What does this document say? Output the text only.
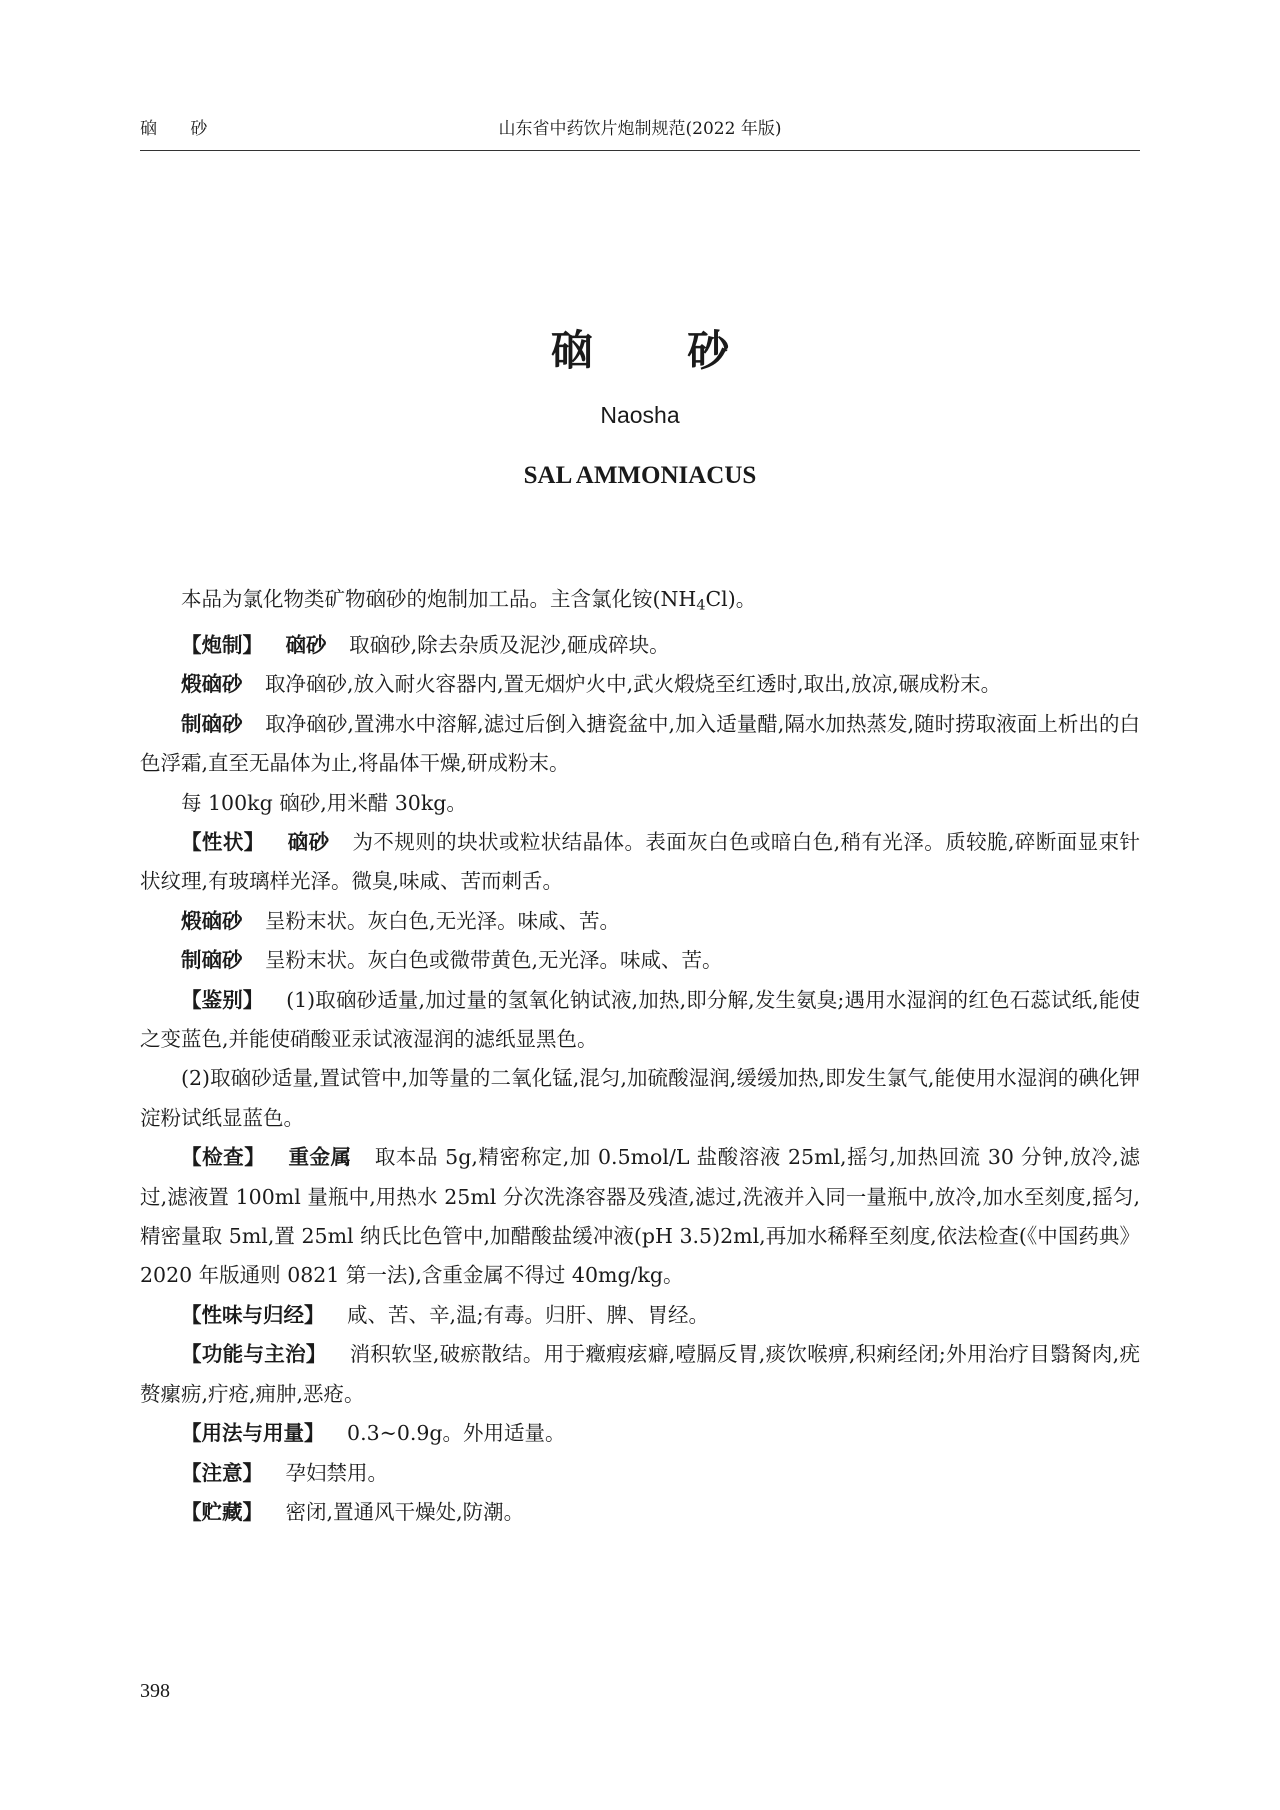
硇 砂	山东省中药饮片炮制规范(2022 年版)
硇 砂
Naosha
SAL AMMONIACUS

本品为氯化物类矿物硇砂的炮制加工品。主含氯化铵$(NH_4Cl)$。

【炮制】 硇砂 取硇砂,除去杂质及泥沙,砸成碎块。

煅硇砂 取净硇砂,放入耐火容器内,置无烟炉火中,武火煅烧至红透时,取出,放凉,碾成粉末。

制硇砂 取净硇砂,置沸水中溶解,滤过后倒入搪瓷盆中,加入适量醋,隔水加热蒸发,随时捞取液面上析出的白色浮霜,直至无晶体为止,将晶体干燥,研成粉末。

每 100kg 硇砂,用米醋 30kg。

【性状】 硇砂 为不规则的块状或粒状结晶体。表面灰白色或暗白色,稍有光泽。质较脆,碎断面显束针状纹理,有玻璃样光泽。微臭,味咸、苦而刺舌。

煅硇砂 呈粉末状。灰白色,无光泽。味咸、苦。

制硇砂 呈粉末状。灰白色或微带黄色,无光泽。味咸、苦。

【鉴别】 (1)取硇砂适量,加过量的氢氧化钠试液,加热,即分解,发生氨臭;遇用水湿润的红色石蕊试纸,能使之变蓝色,并能使硝酸亚汞试液湿润的滤纸显黑色。

(2)取硇砂适量,置试管中,加等量的二氧化锰,混匀,加硫酸湿润,缓缓加热,即发生氯气,能使用水湿润的碘化钾淀粉试纸显蓝色。

【检查】 重金属 取本品 5g,精密称定,加 0.5mol/L 盐酸溶液 25ml,摇匀,加热回流 30 分钟,放冷,滤过,滤液置 100ml 量瓶中,用热水 25ml 分次洗涤容器及残渣,滤过,洗液并入同一量瓶中,放冷,加水至刻度,摇匀,精密量取 5ml,置 25ml 纳氏比色管中,加醋酸盐缓冲液(pH 3.5)2ml,再加水稀释至刻度,依法检查(《中国药典》2020 年版通则 0821 第一法),含重金属不得过 40mg/kg。

【性味与归经】 咸、苦、辛,温;有毒。归肝、脾、胃经。

【功能与主治】 消积软坚,破瘀散结。用于癥瘕痃癖,噎膈反胃,痰饮喉痹,积痢经闭;外用治疗目翳胬肉,疣赘瘰疬,疔疮,痈肿,恶疮。

【用法与用量】 0.3~0.9g。外用适量。

【注意】 孕妇禁用。

【贮藏】 密闭,置通风干燥处,防潮。

398
